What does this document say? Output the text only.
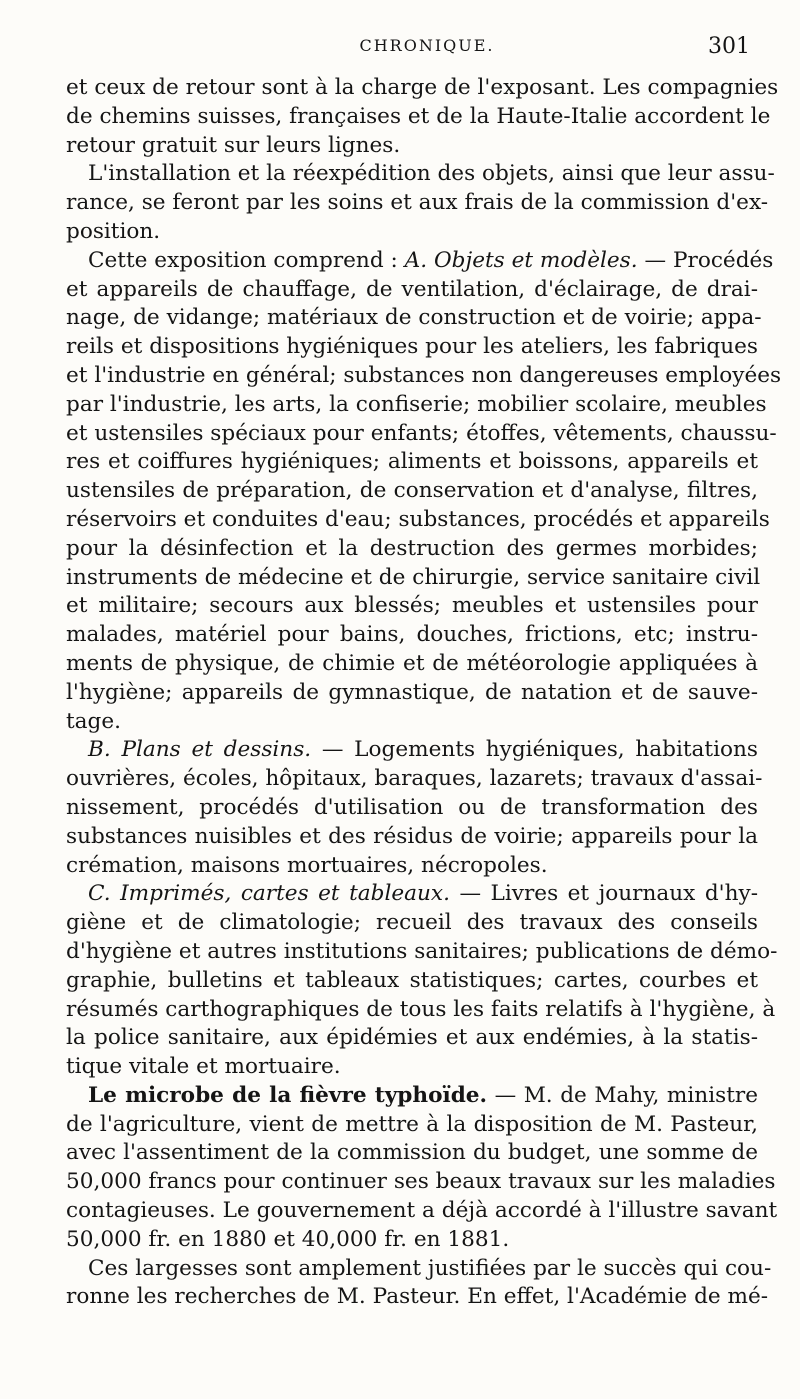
CHRONIQUE.	301

et ceux de retour sont à la charge de l'exposant. Les compagnies
de chemins suisses, françaises et de la Haute-Italie accordent le
retour gratuit sur leurs lignes.

L'installation et la réexpédition des objets, ainsi que leur assu-
rance, se feront par les soins et aux frais de la commission d'ex-
position.

Cette exposition comprend : A. Objets et modèles. — Procédés
et appareils de chauffage, de ventilation, d'éclairage, de drai-
nage, de vidange; matériaux de construction et de voirie; appa-
reils et dispositions hygiéniques pour les ateliers, les fabriques
et l'industrie en général; substances non dangereuses employées
par l'industrie, les arts, la confiserie; mobilier scolaire, meubles
et ustensiles spéciaux pour enfants; étoffes, vêtements, chaussu-
res et coiffures hygiéniques; aliments et boissons, appareils et
ustensiles de préparation, de conservation et d'analyse, filtres,
réservoirs et conduites d'eau; substances, procédés et appareils
pour la désinfection et la destruction des germes morbides;
instruments de médecine et de chirurgie, service sanitaire civil
et militaire; secours aux blessés; meubles et ustensiles pour
malades, matériel pour bains, douches, frictions, etc; instru-
ments de physique, de chimie et de météorologie appliquées à
l'hygiène; appareils de gymnastique, de natation et de sauve-
tage.

B. Plans et dessins. — Logements hygiéniques, habitations
ouvrières, écoles, hôpitaux, baraques, lazarets; travaux d'assai-
nissement, procédés d'utilisation ou de transformation des
substances nuisibles et des résidus de voirie; appareils pour la
crémation, maisons mortuaires, nécropoles.

C. Imprimés, cartes et tableaux. — Livres et journaux d'hy-
giène et de climatologie; recueil des travaux des conseils
d'hygiène et autres institutions sanitaires; publications de démo-
graphie, bulletins et tableaux statistiques; cartes, courbes et
résumés carthographiques de tous les faits relatifs à l'hygiène, à
la police sanitaire, aux épidémies et aux endémies, à la statis-
tique vitale et mortuaire.

Le microbe de la fièvre typhoïde. — M. de Mahy, ministre
de l'agriculture, vient de mettre à la disposition de M. Pasteur,
avec l'assentiment de la commission du budget, une somme de
50,000 francs pour continuer ses beaux travaux sur les maladies
contagieuses. Le gouvernement a déjà accordé à l'illustre savant
50,000 fr. en 1880 et 40,000 fr. en 1881.

Ces largesses sont amplement justifiées par le succès qui cou-
ronne les recherches de M. Pasteur. En effet, l'Académie de mé-
